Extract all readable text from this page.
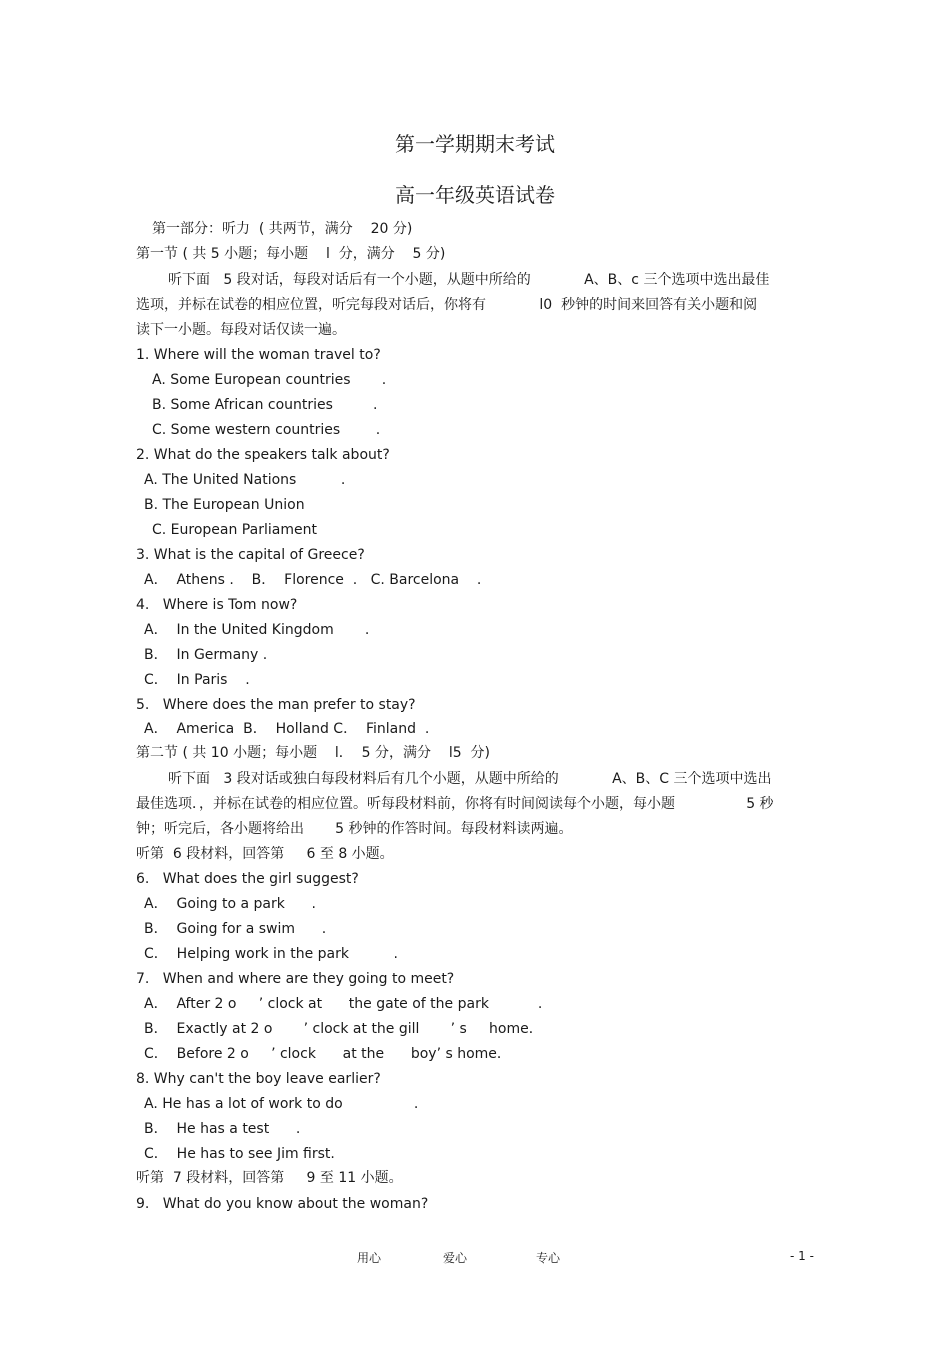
第一学期期末考试
高一年级英语试卷
第一部分：听力  ( 共两节，满分    20 分)
第一节 ( 共 5 小题；每小题    l  分，满分    5 分)
听下面   5 段对话，每段对话后有一个小题，从题中所给的            A、B、c 三个选项中选出最佳
选项，并标在试卷的相应位置，听完每段对话后，你将有            l0  秒钟的时间来回答有关小题和阅
读下一小题。每段对话仅读一遍。
1. Where will the woman travel to?
A. Some European countries       .
B. Some African countries         .
C. Some western countries        .
2. What do the speakers talk about?
A. The United Nations          .
B. The European Union
C. European Parliament
3. What is the capital of Greece?
A．  Athens .    B．  Florence  .   C. Barcelona    .
4.   Where is Tom now?
A．  In the United Kingdom       .
B．  In Germany .
C．  In Paris    .
5.   Where does the man prefer to stay?
A．  America  B．  Holland C．  Finland  .
第二节 ( 共 10 小题；每小题    l．  5 分，满分    l5  分)
听下面   3 段对话或独白每段材料后有几个小题，从题中所给的            A、B、C 三个选项中选出
最佳选项．，并标在试卷的相应位置。听每段材料前，你将有时间阅读每个小题，每小题                5 秒
钟；听完后，各小题将给出       5 秒钟的作答时间。每段材料读两遍。
听第  6 段材料，回答第     6 至 8 小题。
6.   What does the girl suggest?
A．  Going to a park      .
B．  Going for a swim      .
C．  Helping work in the park          .
7.   When and where are they going to meet?
A．  After 2 o     ’ clock at      the gate of the park           .
B．  Exactly at 2 o       ’ clock at the gill       ’ s     home．
C．  Before 2 o     ’ clock      at the      boy’ s home．
8. Why can't the boy leave earlier?
A. He has a lot of work to do                .
B．  He has a test      .
C．  He has to see Jim first.
听第  7 段材料，回答第     9 至 11 小题。
9.   What do you know about the woman?
用心	爱心	专心	- 1 -
